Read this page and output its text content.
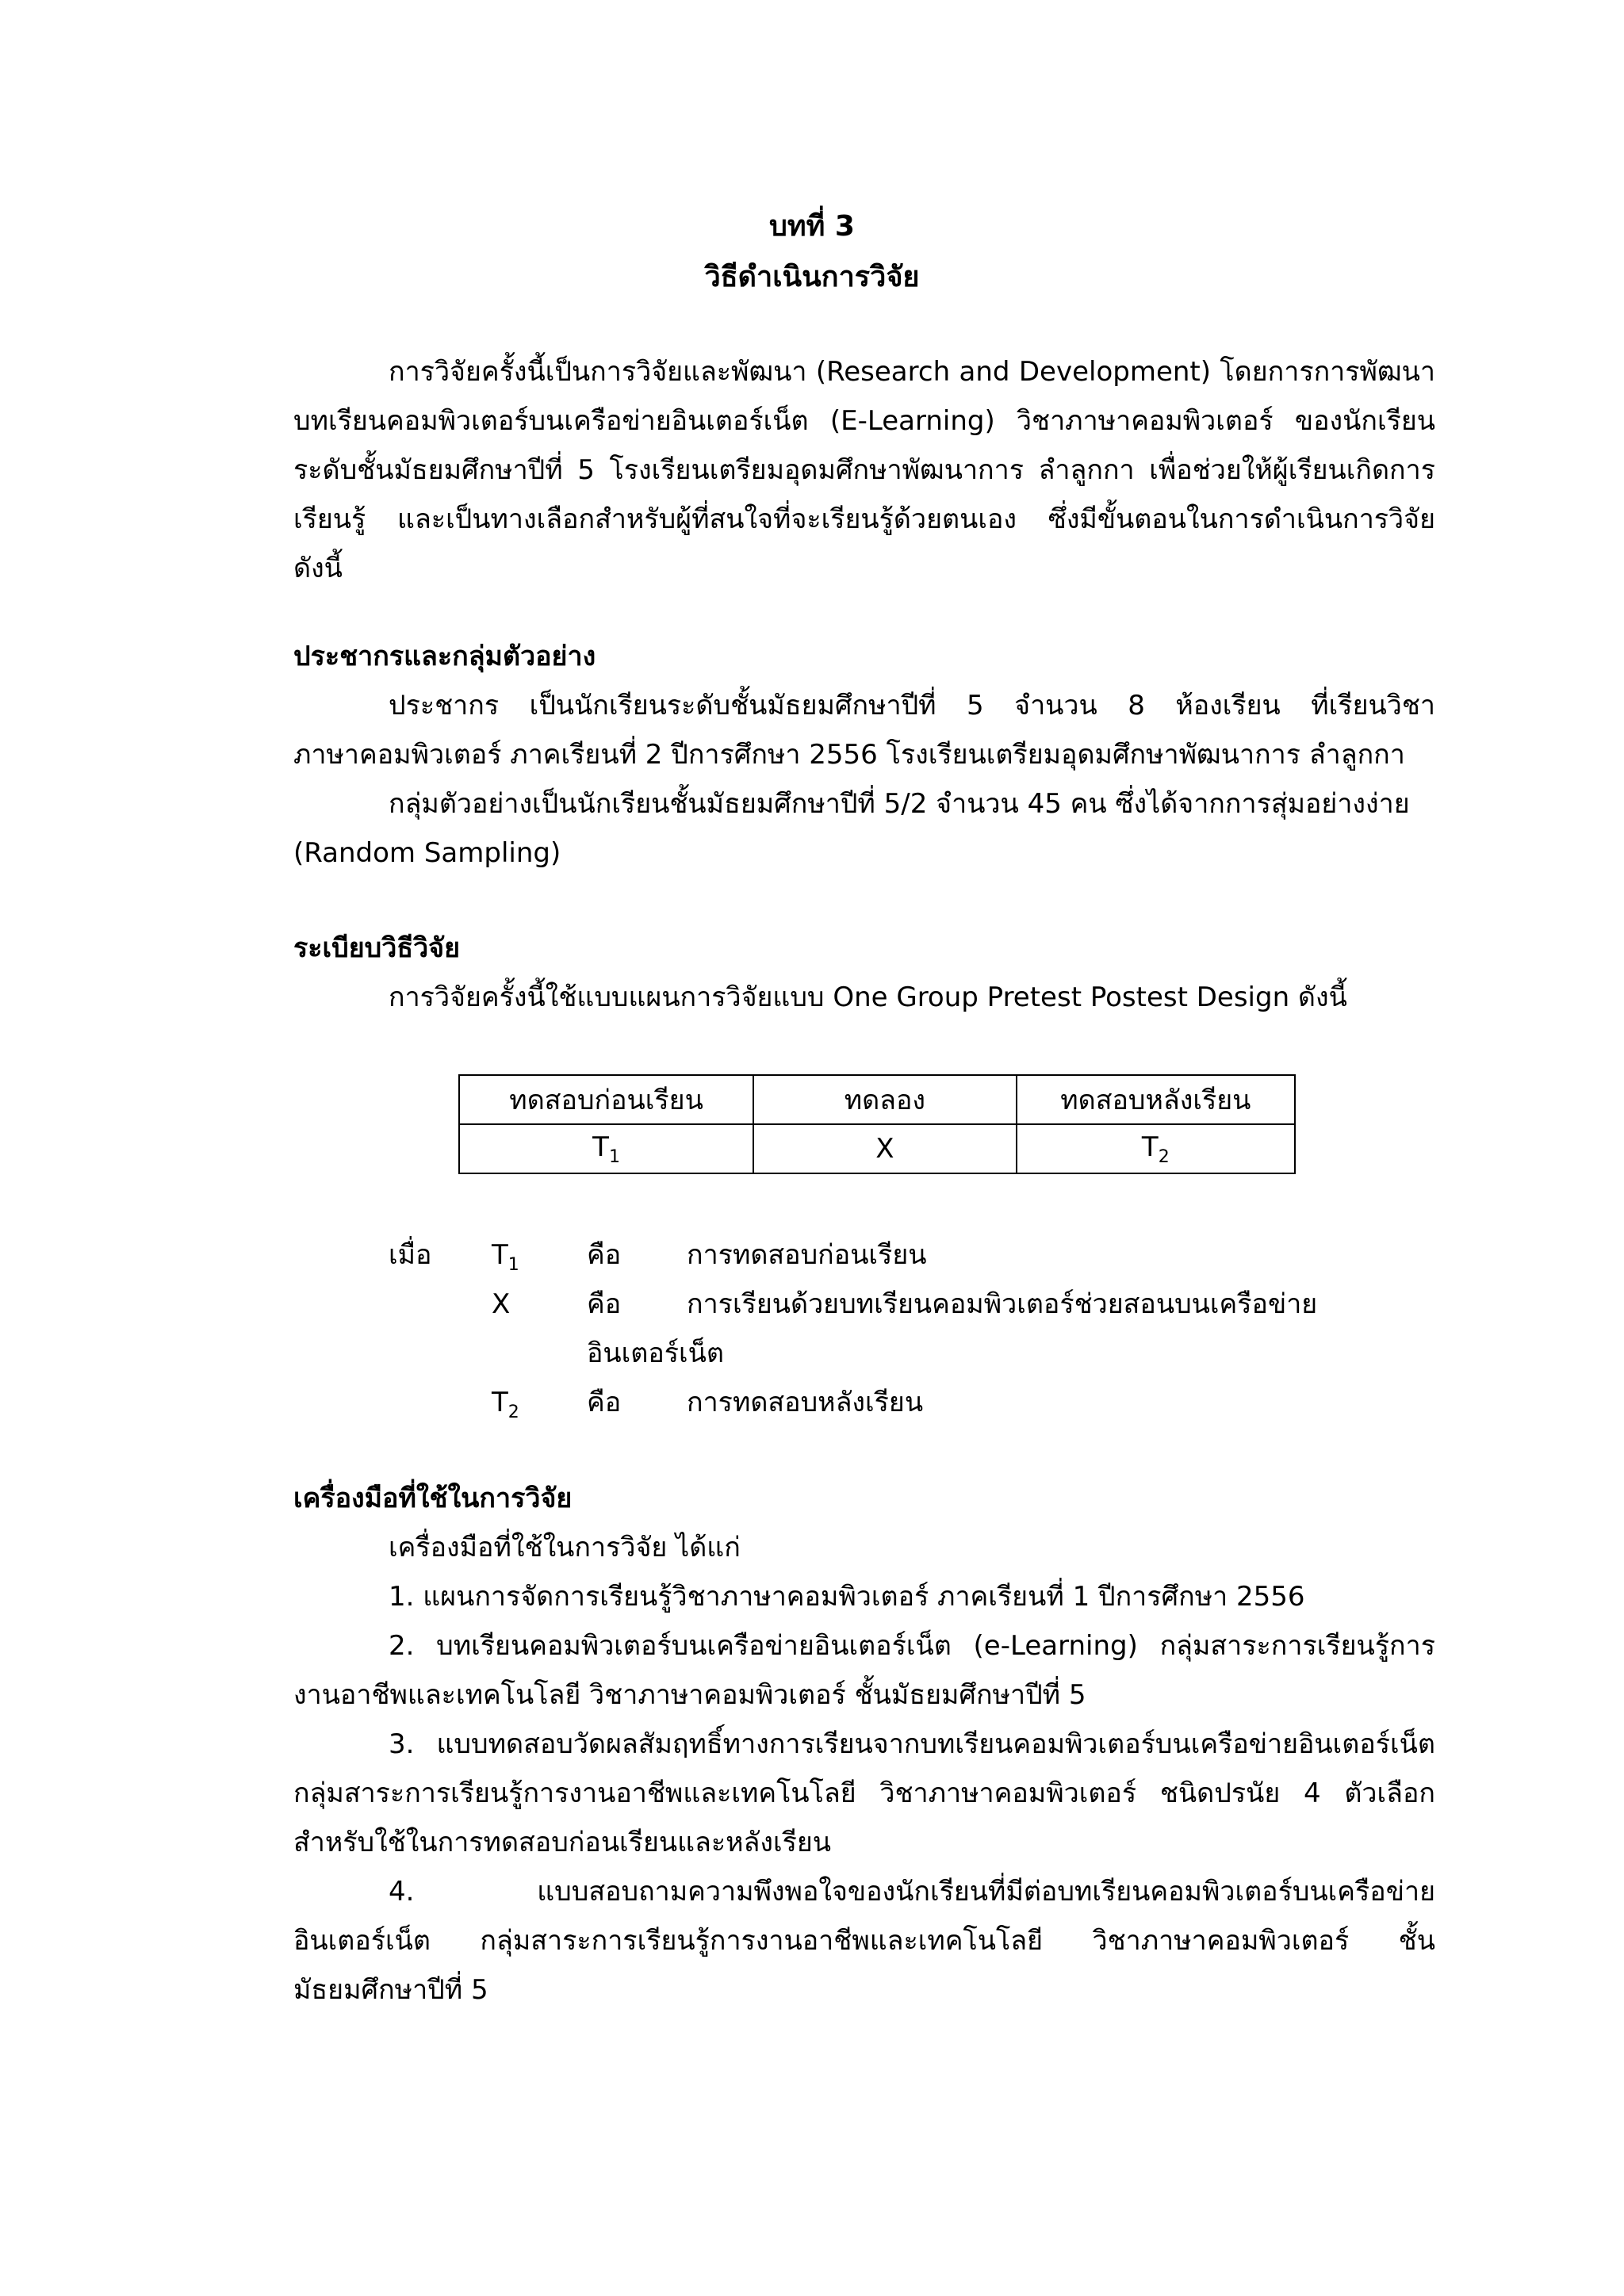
บทที่ 3
วิธีดำเนินการวิจัย
การวิจัยครั้งนี้เป็นการวิจัยและพัฒนา (Research and Development) โดยการการพัฒนา
บทเรียนคอมพิวเตอร์บนเครือข่ายอินเตอร์เน็ต (E-Learning) วิชาภาษาคอมพิวเตอร์ ของนักเรียน
ระดับชั้นมัธยมศึกษาปีที่ 5 โรงเรียนเตรียมอุดมศึกษาพัฒนาการ ลำลูกกา เพื่อช่วยให้ผู้เรียนเกิดการ
เรียนรู้ และเป็นทางเลือกสำหรับผู้ที่สนใจที่จะเรียนรู้ด้วยตนเอง ซึ่งมีขั้นตอนในการดำเนินการวิจัย
ดังนี้
ประชากรและกลุ่มตัวอย่าง
ประชากร เป็นนักเรียนระดับชั้นมัธยมศึกษาปีที่ 5 จำนวน 8 ห้องเรียน ที่เรียนวิชา
ภาษาคอมพิวเตอร์ ภาคเรียนที่ 2 ปีการศึกษา 2556 โรงเรียนเตรียมอุดมศึกษาพัฒนาการ ลำลูกกา
กลุ่มตัวอย่างเป็นนักเรียนชั้นมัธยมศึกษาปีที่ 5/2 จำนวน 45 คน ซึ่งได้จากการสุ่มอย่างง่าย
(Random Sampling)
ระเบียบวิธีวิจัย
การวิจัยครั้งนี้ใช้แบบแผนการวิจัยแบบ One Group Pretest Postest Design ดังนี้
ทดสอบก่อนเรียน	ทดลอง	ทดสอบหลังเรียน
$T_1$	X	$T_2$
เมื่อ $T_1$	คือ การทดสอบก่อนเรียน
X	คือ การเรียนด้วยบทเรียนคอมพิวเตอร์ช่วยสอนบนเครือข่าย
อินเตอร์เน็ต
$T_2$	คือ การทดสอบหลังเรียน
เครื่องมือที่ใช้ในการวิจัย
เครื่องมือที่ใช้ในการวิจัย ได้แก่
1. แผนการจัดการเรียนรู้วิชาภาษาคอมพิวเตอร์ ภาคเรียนที่ 1 ปีการศึกษา 2556
2. บทเรียนคอมพิวเตอร์บนเครือข่ายอินเตอร์เน็ต (e-Learning) กลุ่มสาระการเรียนรู้การ
งานอาชีพและเทคโนโลยี วิชาภาษาคอมพิวเตอร์ ชั้นมัธยมศึกษาปีที่ 5
3. แบบทดสอบวัดผลสัมฤทธิ์ทางการเรียนจากบทเรียนคอมพิวเตอร์บนเครือข่ายอินเตอร์เน็ต
กลุ่มสาระการเรียนรู้การงานอาชีพและเทคโนโลยี วิชาภาษาคอมพิวเตอร์ ชนิดปรนัย 4 ตัวเลือก
สำหรับใช้ในการทดสอบก่อนเรียนและหลังเรียน
4. แบบสอบถามความพึงพอใจของนักเรียนที่มีต่อบทเรียนคอมพิวเตอร์บนเครือข่าย
อินเตอร์เน็ต กลุ่มสาระการเรียนรู้การงานอาชีพและเทคโนโลยี วิชาภาษาคอมพิวเตอร์ ชั้น
มัธยมศึกษาปีที่ 5
